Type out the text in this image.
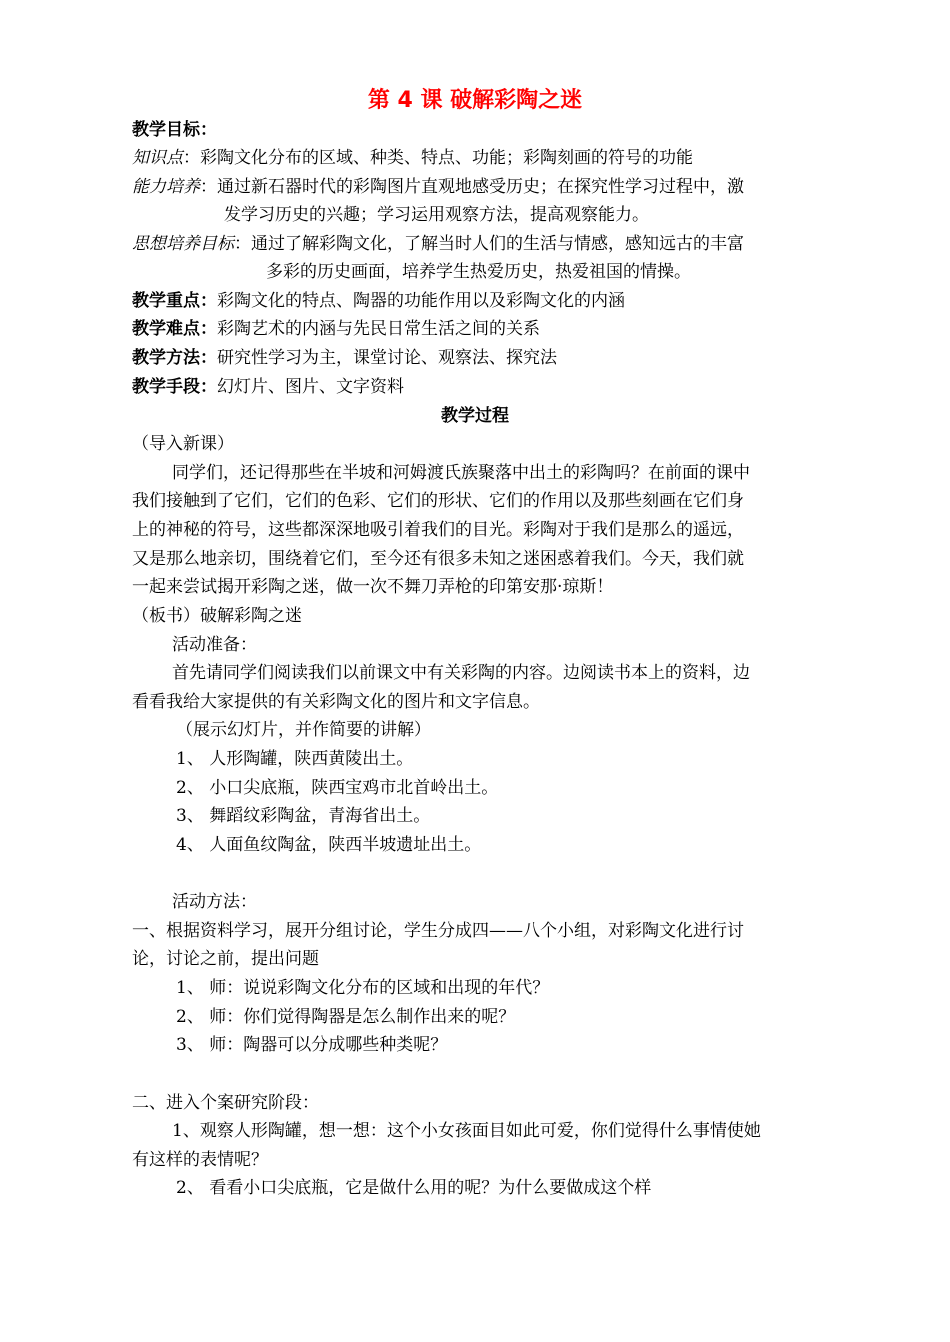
第 4 课 破解彩陶之迷
教学目标：
知识点：彩陶文化分布的区域、种类、特点、功能；彩陶刻画的符号的功能
能力培养：通过新石器时代的彩陶图片直观地感受历史；在探究性学习过程中，激
发学习历史的兴趣；学习运用观察方法，提高观察能力。
思想培养目标：通过了解彩陶文化，了解当时人们的生活与情感，感知远古的丰富
多彩的历史画面，培养学生热爱历史，热爱祖国的情操。
教学重点：彩陶文化的特点、陶器的功能作用以及彩陶文化的内涵
教学难点：彩陶艺术的内涵与先民日常生活之间的关系
教学方法：研究性学习为主，课堂讨论、观察法、探究法
教学手段：幻灯片、图片、文字资料
教学过程
（导入新课）
同学们，还记得那些在半坡和河姆渡氏族聚落中出土的彩陶吗？在前面的课中
我们接触到了它们，它们的色彩、它们的形状、它们的作用以及那些刻画在它们身
上的神秘的符号，这些都深深地吸引着我们的目光。彩陶对于我们是那么的遥远，
又是那么地亲切，围绕着它们，至今还有很多未知之迷困惑着我们。今天，我们就
一起来尝试揭开彩陶之迷，做一次不舞刀弄枪的印第安那·琼斯！
（板书）破解彩陶之迷
活动准备：
首先请同学们阅读我们以前课文中有关彩陶的内容。边阅读书本上的资料，边
看看我给大家提供的有关彩陶文化的图片和文字信息。
（展示幻灯片，并作简要的讲解）
1、 人形陶罐，陕西黄陵出土。
2、 小口尖底瓶，陕西宝鸡市北首岭出土。
3、 舞蹈纹彩陶盆，青海省出土。
4、 人面鱼纹陶盆，陕西半坡遗址出土。
活动方法：
一、根据资料学习，展开分组讨论，学生分成四——八个小组，对彩陶文化进行讨
论，讨论之前，提出问题
1、 师：说说彩陶文化分布的区域和出现的年代？
2、 师：你们觉得陶器是怎么制作出来的呢？
3、 师：陶器可以分成哪些种类呢？
二、进入个案研究阶段：
1、观察人形陶罐，想一想：这个小女孩面目如此可爱，你们觉得什么事情使她
有这样的表情呢？
2、 看看小口尖底瓶，它是做什么用的呢？为什么要做成这个样
